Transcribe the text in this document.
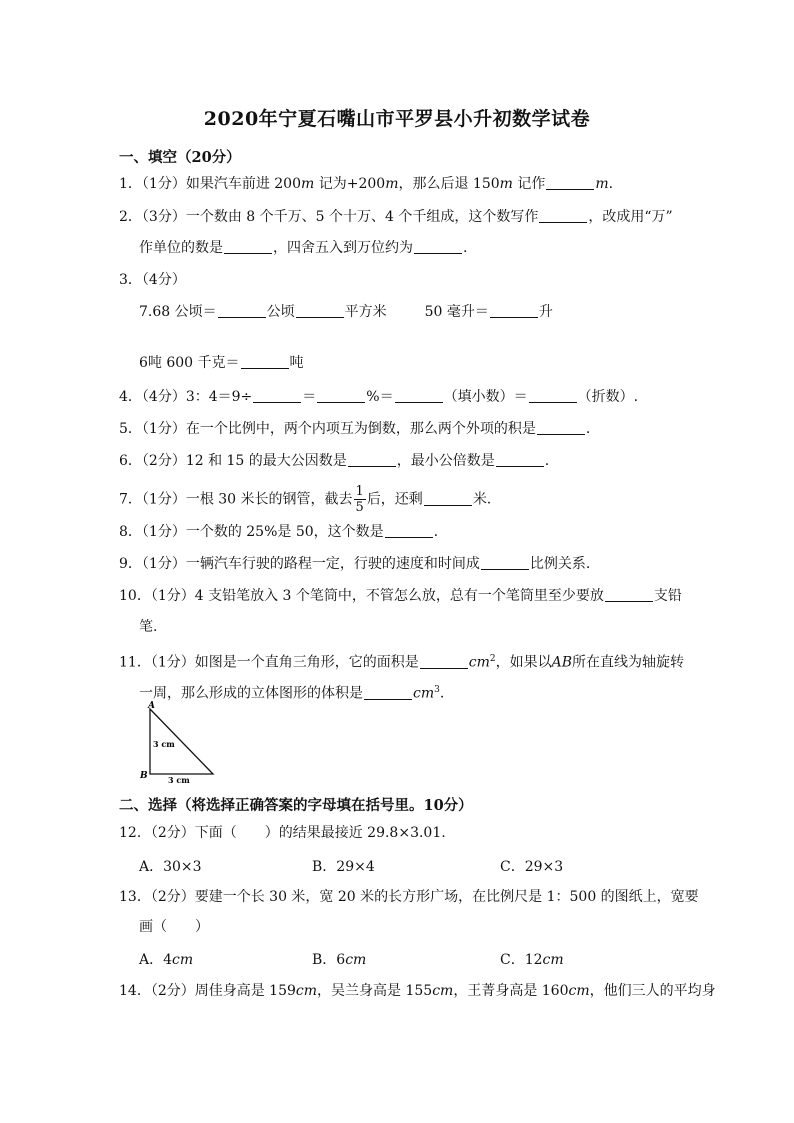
2020年宁夏石嘴山市平罗县小升初数学试卷
一、填空（20分）
1．（1分）如果汽车前进 200m 记为+200m，那么后退 150m 记作	m.
2．（3分）一个数由 8 个千万、5 个十万、4 个千组成，这个数写作	，改成用“万”
作单位的数是	，四舍五入到万位约为	.
3．（4分）
7.68 公顷＝	公顷	平方米	50 毫升＝	升
6吨 600 千克＝	吨
4．（4分）3：4＝9÷	＝	%＝	（填小数）＝	（折数）.
5．（1分）在一个比例中，两个内项互为倒数，那么两个外项的积是	.
6．（2分）12 和 15 的最大公因数是	，最小公倍数是	.
7．（1分）一根 30 米长的钢管，截去 $\frac{1}{5}$ 后，还剩	米.
8．（1分）一个数的 25%是 50，这个数是	.
9．（1分）一辆汽车行驶的路程一定，行驶的速度和时间成	比例关系.
10．（1分）4 支铅笔放入 3 个笔筒中，不管怎么放，总有一个笔筒里至少要放	支铅
笔.
11．（1分）如图是一个直角三角形，它的面积是	$cm^2$，如果以AB所在直线为轴旋转
一周，那么形成的立体图形的体积是	$cm^3$.
A
B
3 cm
3 cm
二、选择（将选择正确答案的字母填在括号里。10分）
12．（2分）下面（　　）的结果最接近 29.8×3.01.
A．30×3	B．29×4	C．29×3
13．（2分）要建一个长 30 米，宽 20 米的长方形广场，在比例尺是 1：500 的图纸上，宽要
画（　　）
A．4cm	B．6cm	C．12cm
14．（2分）周佳身高是 159cm，吴兰身高是 155cm，王菁身高是 160cm，他们三人的平均身
